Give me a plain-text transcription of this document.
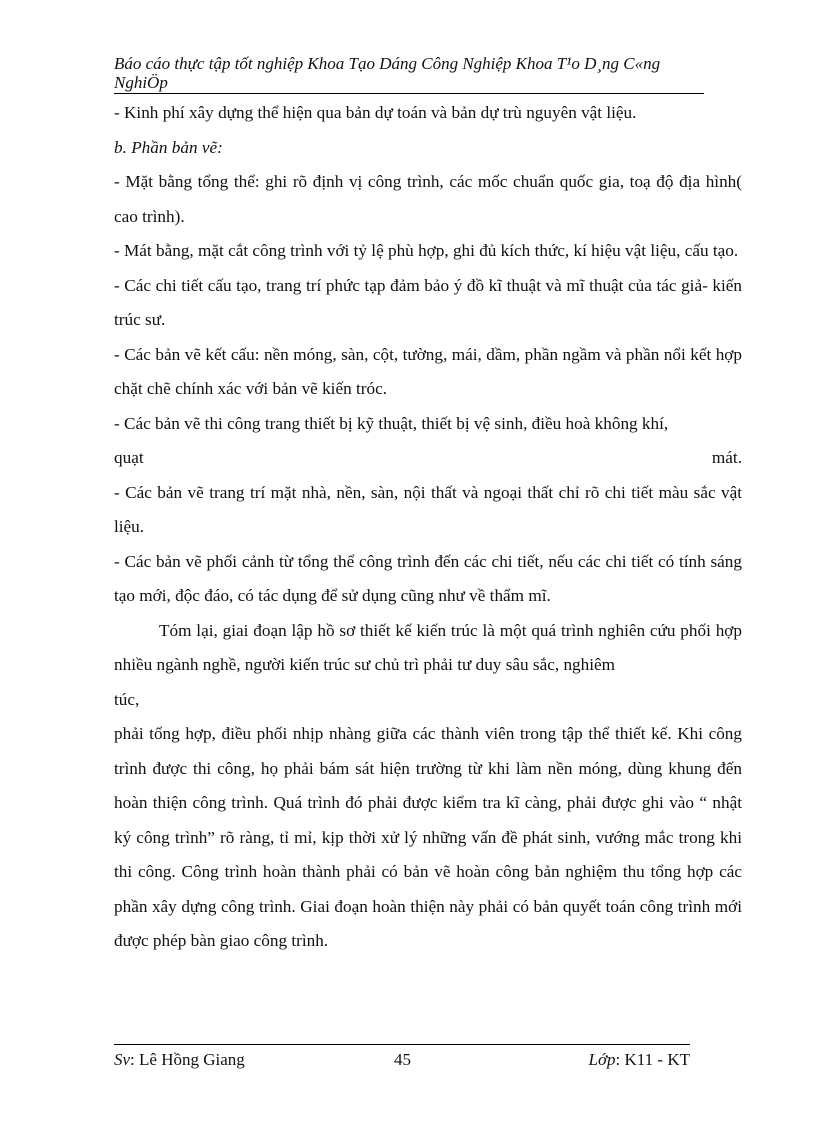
Báo cáo thực tập tốt nghiệp Khoa Tạo Dáng Công Nghiệp Khoa T¹o D¸ng C«ng
NghiÖp

- Kinh phí xây dựng thể hiện qua bản dự toán và bản dự trù nguyên vật liệu.

b. Phần bản vẽ:

- Mặt bằng tổng thể: ghi rõ định vị công trình, các mốc chuẩn quốc gia, toạ độ địa hình( cao trình).

- Mát bằng, mặt cắt công trình với tỷ lệ phù hợp, ghi đủ kích thức, kí hiệu vật liệu, cấu tạo.

- Các chi tiết cấu tạo, trang trí phức tạp đảm bảo ý đồ kĩ thuật và mĩ thuật của tác giả- kiến trúc sư.

- Các bản vẽ kết cấu: nền móng, sàn, cột, tường, mái, dầm, phần ngầm và phần nổi kết hợp chặt chẽ chính xác với bản vẽ kiến tróc.

- Các bản vẽ thi công trang thiết bị kỹ thuật, thiết bị vệ sinh, điều hoà không khí,

quạt mát.

- Các bản vẽ trang trí mặt nhà, nền, sàn, nội thất và ngoại thất chỉ rõ chi tiết màu sắc vật liệu.

- Các bản vẽ phối cảnh từ tổng thể công trình đến các chi tiết, nếu các chi tiết có tính sáng tạo mới, độc đáo, có tác dụng để sử dụng cũng như về thẩm mĩ.

Tóm lại, giai đoạn lập hồ sơ thiết kế kiến trúc là một quá trình nghiên cứu phối hợp nhiều ngành nghề, người kiến trúc sư chủ trì phải tư duy sâu sắc, nghiêm

túc,

phải tổng hợp, điều phối nhịp nhàng giữa các thành viên trong tập thể thiết kế. Khi công trình được thi công, họ phải bám sát hiện trường từ khi làm nền móng, dùng khung đến hoàn thiện công trình. Quá trình đó phải được kiểm tra kĩ càng, phải được ghi vào “ nhật ký công trình” rõ ràng, tỉ mỉ, kịp thời xử lý những vấn đề phát sinh, vướng mắc trong khi thi công. Công trình hoàn thành phải có bản vẽ hoàn công bản nghiệm thu tổng hợp các phần xây dựng công trình. Giai đoạn hoàn thiện này phải có bản quyết toán công trình mới được phép bàn giao công trình.

Sv: Lê Hồng Giang	45	Lớp: K11 - KT
